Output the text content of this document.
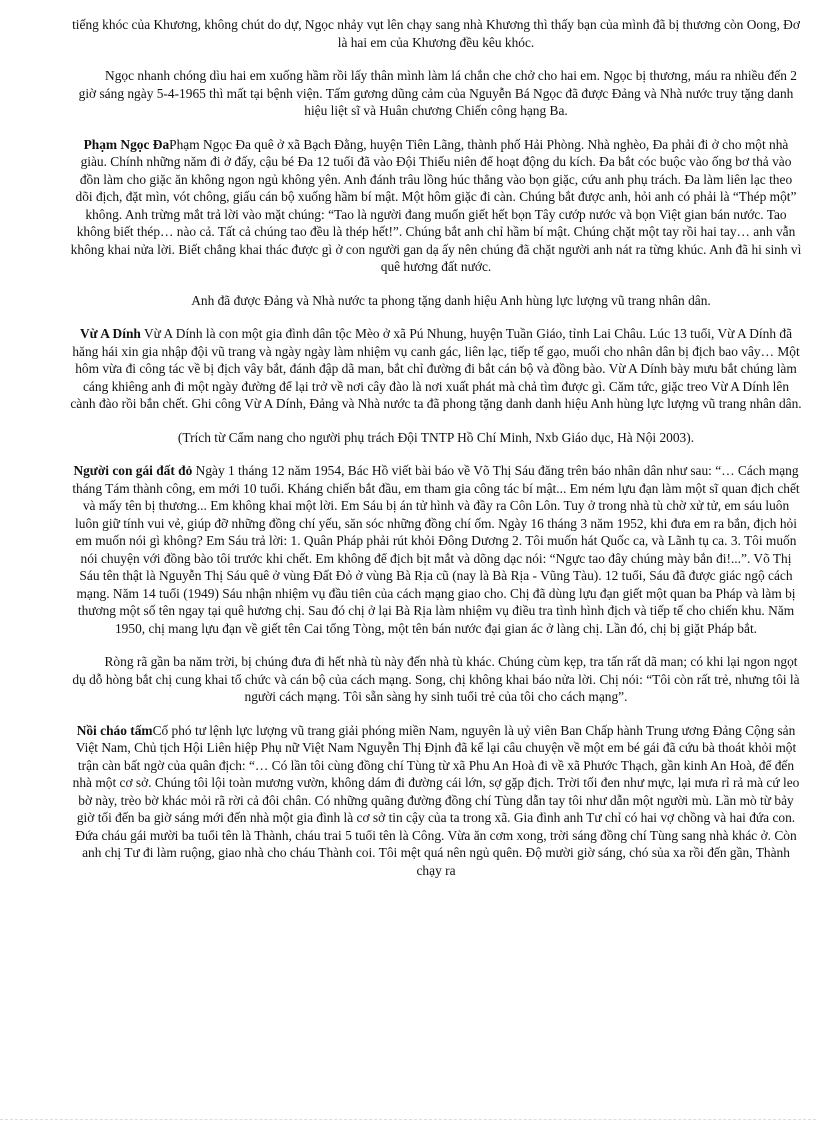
tiếng khóc của Khương, không chút do dự, Ngọc nhảy vụt lên chạy sang nhà Khương thì thấy bạn của mình đã bị thương còn Oong, Đơ là hai em của Khương đều kêu khóc.

Ngọc nhanh chóng dìu hai em xuống hầm rồi lấy thân mình làm lá chắn che chở cho hai em. Ngọc bị thương, máu ra nhiều đến 2 giờ sáng ngày 5-4-1965 thì mất tại bệnh viện. Tấm gương dũng cảm của Nguyễn Bá Ngọc đã được Đảng và Nhà nước truy tặng danh hiệu liệt sĩ và Huân chương Chiến công hạng Ba.

Phạm Ngọc ĐaPhạm Ngọc Đa quê ở xã Bạch Đằng, huyện Tiên Lãng, thành phố Hải Phòng. Nhà nghèo, Đa phải đi ở cho một nhà giàu. Chính những năm đi ở đấy, cậu bé Đa 12 tuổi đã vào Đội Thiếu niên để hoạt động du kích. Đa bắt cóc buộc vào ống bơ thả vào đồn làm cho giặc ăn không ngon ngủ không yên. Anh đánh trâu lồng húc thẳng vào bọn giặc, cứu anh phụ trách. Đa làm liên lạc theo dõi địch, đặt mìn, vót chông, giấu cán bộ xuống hầm bí mật. Một hôm giặc đi càn. Chúng bắt được anh, hỏi anh có phải là “Thép một” không. Anh trừng mắt trả lời vào mặt chúng: “Tao là người đang muốn giết hết bọn Tây cướp nước và bọn Việt gian bán nước. Tao không biết thép… nào cả. Tất cả chúng tao đều là thép hết!”. Chúng bắt anh chỉ hầm bí mật. Chúng chặt một tay rồi hai tay… anh vẫn không khai nửa lời. Biết chẳng khai thác được gì ở con người gan dạ ấy nên chúng đã chặt người anh nát ra từng khúc. Anh đã hi sinh vì quê hương đất nước.

Anh đã được Đảng và Nhà nước ta phong tặng danh hiệu Anh hùng lực lượng vũ trang nhân dân.

Vừ A Dính Vừ A Dính là con một gia đình dân tộc Mèo ở xã Pú Nhung, huyện Tuần Giáo, tỉnh Lai Châu. Lúc 13 tuổi, Vừ A Dính đã hăng hái xin gia nhập đội vũ trang và ngày ngày làm nhiệm vụ canh gác, liên lạc, tiếp tế gạo, muối cho nhân dân bị địch bao vây… Một hôm vừa đi công tác về bị địch vây bắt, đánh đập dã man, bắt chỉ đường đi bắt cán bộ và đồng bào. Vừ A Dính bày mưu bắt chúng làm cáng khiêng anh đi một ngày đường để lại trở về nơi cây đào là nơi xuất phát mà chả tìm được gì. Căm tức, giặc treo Vừ A Dính lên cành đào rồi bắn chết. Ghi công Vừ A Dính, Đảng và Nhà nước ta đã phong tặng danh danh hiệu Anh hùng lực lượng vũ trang nhân dân.

(Trích từ Cẩm nang cho người phụ trách Đội TNTP Hồ Chí Minh, Nxb Giáo dục, Hà Nội 2003).

Người con gái đất đỏ Ngày 1 tháng 12 năm 1954, Bác Hồ viết bài báo về Võ Thị Sáu đăng trên báo nhân dân như sau: “… Cách mạng tháng Tám thành công, em mới 10 tuổi. Kháng chiến bắt đầu, em tham gia công tác bí mật... Em ném lựu đạn làm một sĩ quan địch chết và mấy tên bị thương... Em không khai một lời. Em Sáu bị án tử hình và đầy ra Côn Lôn. Tuy ở trong nhà tù chờ xử tử, em sáu luôn luôn giữ tính vui vẻ, giúp đỡ những đồng chí yếu, săn sóc những đồng chí ốm. Ngày 16 tháng 3 năm 1952, khi đưa em ra bắn, địch hỏi em muốn nói gì không? Em Sáu trả lời: 1. Quân Pháp phải rút khỏi Đông Dương 2. Tôi muốn hát Quốc ca, và Lãnh tụ ca. 3. Tôi muốn nói chuyện với đồng bào tôi trước khi chết. Em không để địch bịt mắt và dõng dạc nói: “Ngực tao đây chúng mày bắn đi!...”. Võ Thị Sáu tên thật là Nguyễn Thị Sáu quê ở vùng Đất Đỏ ở vùng Bà Rịa cũ (nay là Bà Rịa - Vũng Tàu). 12 tuổi, Sáu đã được giác ngộ cách mạng. Năm 14 tuổi (1949) Sáu nhận nhiệm vụ đầu tiên của cách mạng giao cho. Chị đã dùng lựu đạn giết một quan ba Pháp và làm bị thương một số tên ngay tại quê hương chị. Sau đó chị ở lại Bà Rịa làm nhiệm vụ điều tra tình hình địch và tiếp tế cho chiến khu. Năm 1950, chị mang lựu đạn về giết tên Cai tổng Tòng, một tên bán nước đại gian ác ở làng chị. Lần đó, chị bị giặt Pháp bắt.

Ròng rã gần ba năm trời, bị chúng đưa đi hết nhà tù này đến nhà tù khác. Chúng cùm kẹp, tra tấn rất dã man; có khi lại ngon ngọt dụ dỗ hòng bắt chị cung khai tổ chức và cán bộ của cách mạng. Song, chị không khai báo nửa lời. Chị nói: “Tôi còn rất trẻ, nhưng tôi là người cách mạng. Tôi sẵn sàng hy sinh tuổi trẻ của tôi cho cách mạng”.

Nồi cháo tấmCố phó tư lệnh lực lượng vũ trang giải phóng miền Nam, nguyên là uỷ viên Ban Chấp hành Trung ương Đảng Cộng sản Việt Nam, Chủ tịch Hội Liên hiệp Phụ nữ Việt Nam Nguyễn Thị Định đã kể lại câu chuyện về một em bé gái đã cứu bà thoát khỏi một trận càn bất ngờ của quân địch: “… Có lần tôi cùng đồng chí Tùng từ xã Phu An Hoà đi về xã Phước Thạch, gần kinh An Hoà, để đến nhà một cơ sở. Chúng tôi lội toàn mương vườn, không dám đi đường cái lớn, sợ gặp địch. Trời tối đen như mực, lại mưa rỉ rả mà cứ leo bờ này, trèo bờ khác mỏi rã rời cả đôi chân. Có những quãng đường đồng chí Tùng dẫn tay tôi như dẫn một người mù. Lần mò từ bảy giờ tối đến ba giờ sáng mới đến nhà một gia đình là cơ sở tin cậy của ta trong xã. Gia đình anh Tư chỉ có hai vợ chồng và hai đứa con. Đứa cháu gái mười ba tuổi tên là Thành, cháu trai 5 tuổi tên là Công. Vừa ăn cơm xong, trời sáng đồng chí Tùng sang nhà khác ở. Còn anh chị Tư đi làm ruộng, giao nhà cho cháu Thành coi. Tôi mệt quá nên ngủ quên. Độ mười giờ sáng, chó sủa xa rồi đến gần, Thành chạy ra
